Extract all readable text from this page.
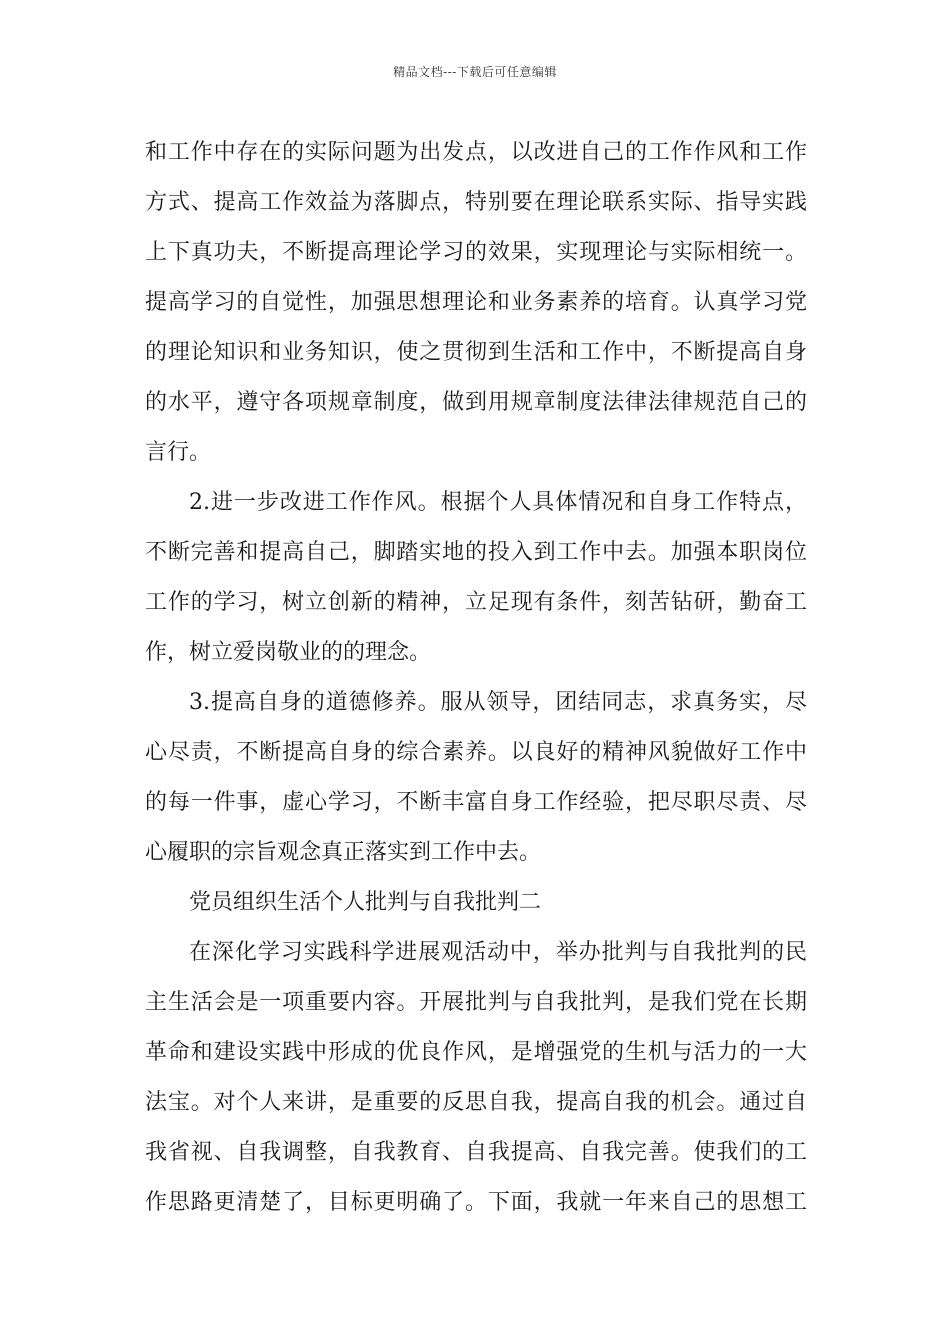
精品文档---下载后可任意编辑
和工作中存在的实际问题为出发点，以改进自己的工作作风和工作
方式、提高工作效益为落脚点，特别要在理论联系实际、指导实践
上下真功夫，不断提高理论学习的效果，实现理论与实际相统一。
提高学习的自觉性，加强思想理论和业务素养的培育。认真学习党
的理论知识和业务知识，使之贯彻到生活和工作中，不断提高自身
的水平，遵守各项规章制度，做到用规章制度法律法律规范自己的
言行。
2.进一步改进工作作风。根据个人具体情况和自身工作特点，
不断完善和提高自己，脚踏实地的投入到工作中去。加强本职岗位
工作的学习，树立创新的精神，立足现有条件，刻苦钻研，勤奋工
作，树立爱岗敬业的的理念。
3.提高自身的道德修养。服从领导，团结同志，求真务实，尽
心尽责，不断提高自身的综合素养。以良好的精神风貌做好工作中
的每一件事，虚心学习，不断丰富自身工作经验，把尽职尽责、尽
心履职的宗旨观念真正落实到工作中去。
党员组织生活个人批判与自我批判二
在深化学习实践科学进展观活动中，举办批判与自我批判的民
主生活会是一项重要内容。开展批判与自我批判，是我们党在长期
革命和建设实践中形成的优良作风，是增强党的生机与活力的一大
法宝。对个人来讲，是重要的反思自我，提高自我的机会。通过自
我省视、自我调整，自我教育、自我提高、自我完善。使我们的工
作思路更清楚了，目标更明确了。下面，我就一年来自己的思想工
